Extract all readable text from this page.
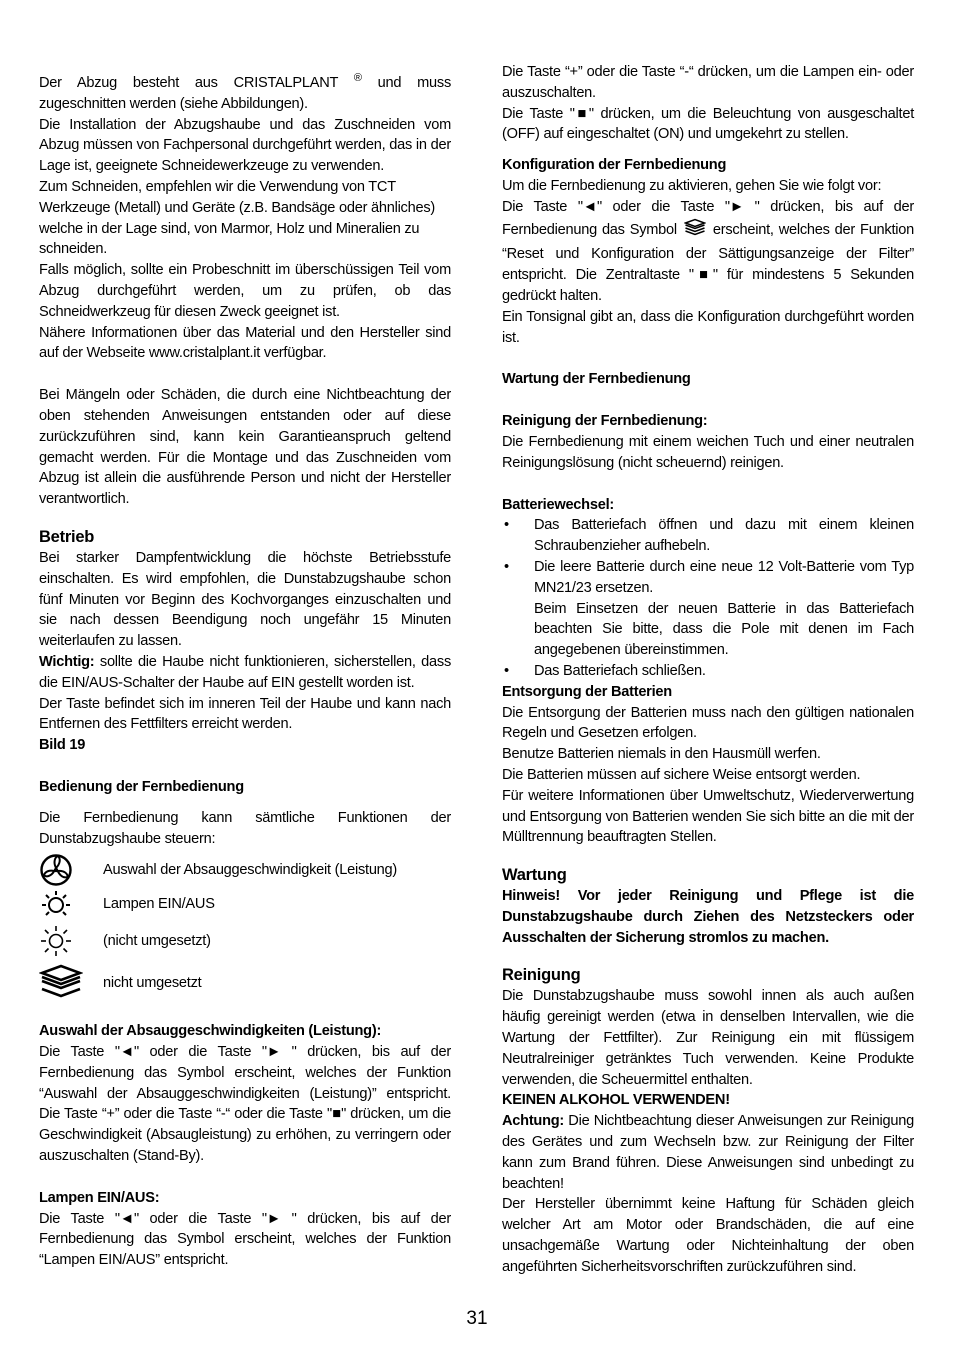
Der Abzug besteht aus CRISTALPLANT ® und muss zugeschnitten werden (siehe Abbildungen).

Die Installation der Abzugshaube und das Zuschneiden vom Abzug müssen von Fachpersonal durchgeführt werden, das in der Lage ist, geeignete Schneidewerkzeuge zu verwenden.

Zum Schneiden, empfehlen wir die Verwendung von TCT Werkzeuge (Metall) und Geräte (z.B. Bandsäge oder ähnliches) welche in der Lage sind, von Marmor, Holz und Mineralien zu schneiden.

Falls möglich, sollte ein Probeschnitt im überschüssigen Teil vom Abzug durchgeführt werden, um zu prüfen, ob das Schneidwerkzeug für diesen Zweck geeignet ist.

Nähere Informationen über das Material und den Hersteller sind auf der Webseite www.cristalplant.it verfügbar.

Bei Mängeln oder Schäden, die durch eine Nichtbeachtung der oben stehenden Anweisungen entstanden oder auf diese zurückzuführen sind, kann kein Garantieanspruch geltend gemacht werden. Für die Montage und das Zuschneiden vom Abzug ist allein die ausführende Person und nicht der Hersteller verantwortlich.

Betrieb

Bei starker Dampfentwicklung die höchste Betriebsstufe einschalten. Es wird empfohlen, die Dunstabzugshaube schon fünf Minuten vor Beginn des Kochvorganges einzuschalten und sie nach dessen Beendigung noch ungefähr 15 Minuten weiterlaufen zu lassen.

Wichtig: sollte die Haube nicht funktionieren, sicherstellen, dass die EIN/AUS-Schalter der Haube auf EIN gestellt worden ist.

Der Taste befindet sich im inneren Teil der Haube und kann nach Entfernen des Fettfilters erreicht werden.

Bild 19
Bedienung der Fernbedienung

Die Fernbedienung kann sämtliche Funktionen der Dunstabzugshaube steuern:

Auswahl der Absauggeschwindigkeit (Leistung)
Lampen EIN/AUS
(nicht umgesetzt)
nicht umgesetzt
Auswahl der Absauggeschwindigkeiten (Leistung):

Die Taste "◄" oder die Taste "► " drücken, bis auf der Fernbedienung das Symbol erscheint, welches der Funktion “Auswahl der Absauggeschwindigkeiten (Leistung)” entspricht. Die Taste “+” oder die Taste “-“ oder die Taste "■" drücken, um die Geschwindigkeit (Absaugleistung) zu erhöhen, zu verringern oder auszuschalten (Stand-By).

Lampen EIN/AUS:

Die Taste "◄" oder die Taste "► " drücken, bis auf der Fernbedienung das Symbol erscheint, welches der Funktion “Lampen EIN/AUS” entspricht.

Die Taste “+” oder die Taste “-“ drücken, um die Lampen ein- oder auszuschalten.

Die Taste "■" drücken, um die Beleuchtung von ausgeschaltet (OFF) auf eingeschaltet (ON) und umgekehrt zu stellen.

Konfiguration der Fernbedienung

Um die Fernbedienung zu aktivieren, gehen Sie wie folgt vor:

Die Taste "◄" oder die Taste "► " drücken, bis auf der Fernbedienung das Symbol  erscheint, welches der Funktion “Reset und Konfiguration der Sättigungsanzeige der Filter” entspricht. Die Zentraltaste "■" für mindestens 5 Sekunden gedrückt halten.

Ein Tonsignal gibt an, dass die Konfiguration durchgeführt worden ist.

Wartung der Fernbedienung
Reinigung der Fernbedienung:

Die Fernbedienung mit einem weichen Tuch und einer neutralen Reinigungslösung (nicht scheuernd) reinigen.

Batteriewechsel:
• Das Batteriefach öffnen und dazu mit einem kleinen Schraubenzieher aufhebeln.
• Die leere Batterie durch eine neue 12 Volt-Batterie vom Typ MN21/23 ersetzen.
Beim Einsetzen der neuen Batterie in das Batteriefach beachten Sie bitte, dass die Pole mit denen im Fach angegebenen übereinstimmen.
• Das Batteriefach schließen.
Entsorgung der Batterien

Die Entsorgung der Batterien muss nach den gültigen nationalen Regeln und Gesetzen erfolgen.

Benutze Batterien niemals in den Hausmüll werfen.

Die Batterien müssen auf sichere Weise entsorgt werden.

Für weitere Informationen über Umweltschutz, Wiederverwertung und Entsorgung von Batterien wenden Sie sich bitte an die mit der Mülltrennung beauftragten Stellen.

Wartung

Hinweis! Vor jeder Reinigung und Pflege ist die Dunstabzugshaube durch Ziehen des Netzsteckers oder Ausschalten der Sicherung stromlos zu machen.

Reinigung

Die Dunstabzugshaube muss sowohl innen als auch außen häufig gereinigt werden (etwa in denselben Intervallen, wie die Wartung der Fettfilter). Zur Reinigung ein mit flüssigem Neutralreiniger getränktes Tuch verwenden. Keine Produkte verwenden, die Scheuermittel enthalten.

KEINEN ALKOHOL VERWENDEN!

Achtung: Die Nichtbeachtung dieser Anweisungen zur Reinigung des Gerätes und zum Wechseln bzw. zur Reinigung der Filter kann zum Brand führen. Diese Anweisungen sind unbedingt zu beachten!

Der Hersteller übernimmt keine Haftung für Schäden gleich welcher Art am Motor oder Brandschäden, die auf eine unsachgemäße Wartung oder Nichteinhaltung der oben angeführten Sicherheitsvorschriften zurückzuführen sind.

31
